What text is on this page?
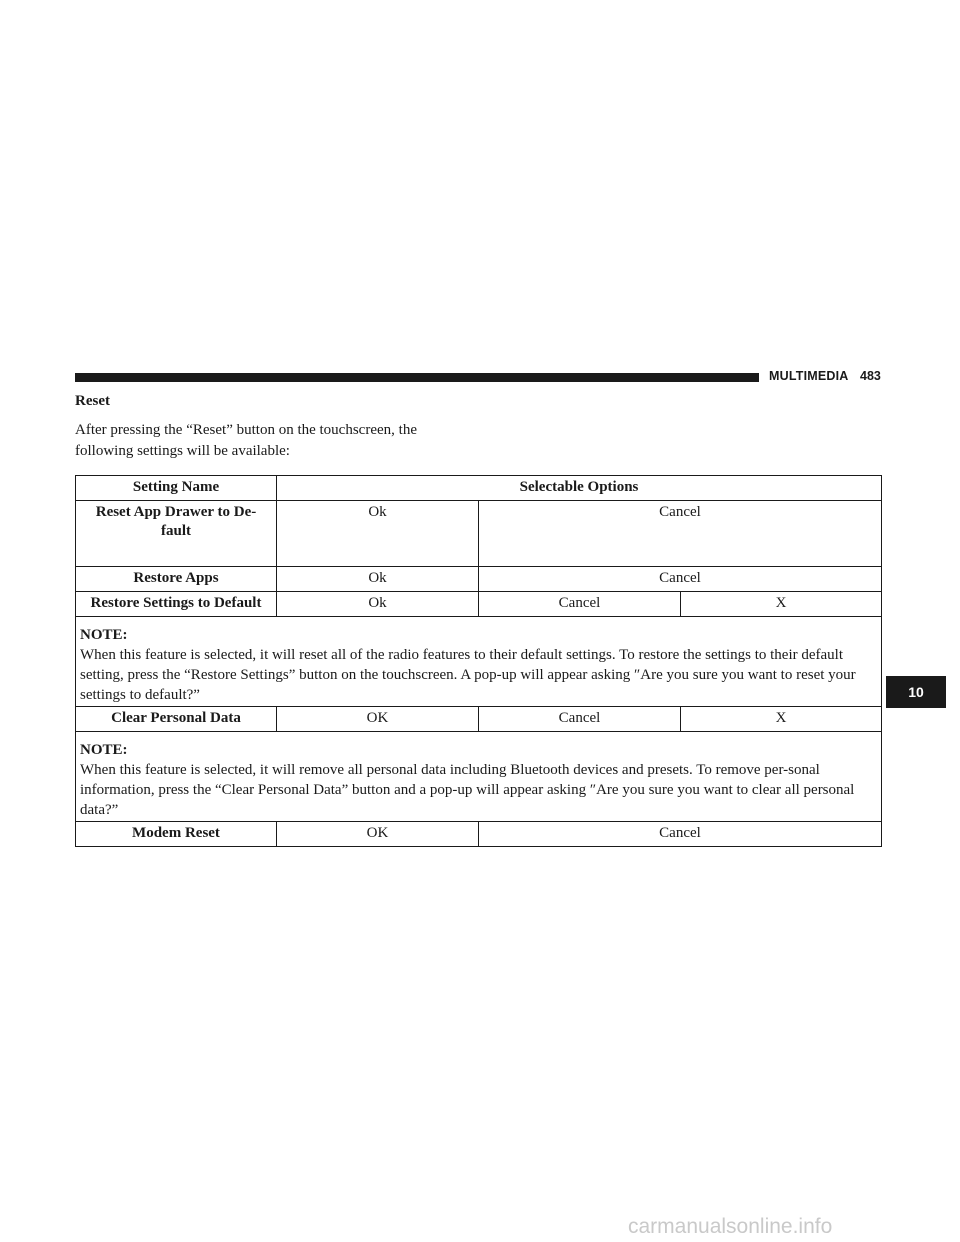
MULTIMEDIA 483
Reset

After pressing the “Reset” button on the touchscreen, the following settings will be available:

Setting Name	Selectable Options		
Reset App Drawer to De-
fault	Ok	Cancel	
Restore Apps	Ok	Cancel	
Restore Settings to Default	Ok	Cancel	X

NOTE:
When this feature is selected, it will reset all of the radio features to their default settings. To restore the settings to their default setting, press the “Restore Settings” button on the touchscreen. A pop-up will appear asking ″Are you sure you want to reset your settings to default?”			

Clear Personal Data	OK	Cancel	X

NOTE:
When this feature is selected, it will remove all personal data including Bluetooth devices and presets. To remove per-sonal information, press the “Clear Personal Data” button and a pop-up will appear asking ″Are you sure you want to clear all personal data?”			

Modem Reset	OK	Cancel	
10
carmanualsonline.info
